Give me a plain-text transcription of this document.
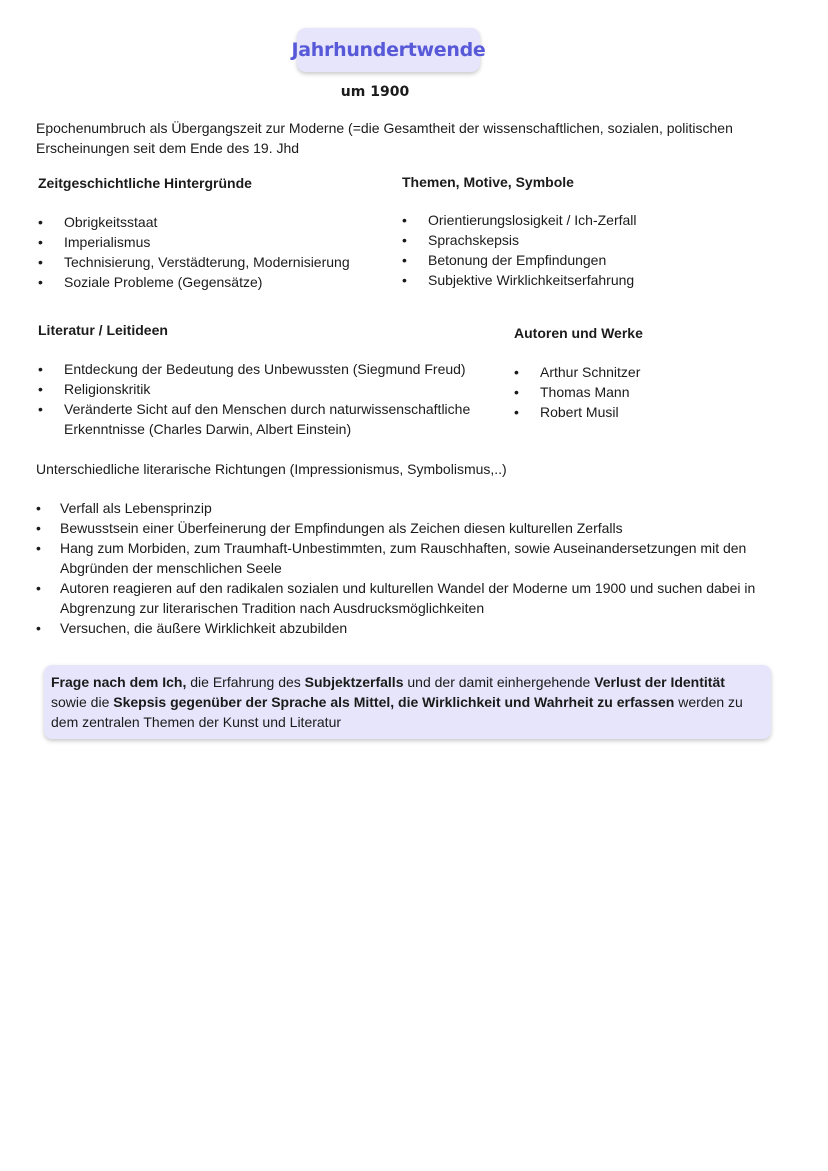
Jahrhundertwende
um 1900
Epochenumbruch als Übergangszeit zur Moderne (=die Gesamtheit der wissenschaftlichen, sozialen, politischen Erscheinungen seit dem Ende des 19. Jhd
Zeitgeschichtliche Hintergründe
• Obrigkeitsstaat
• Imperialismus
• Technisierung, Verstädterung, Modernisierung
• Soziale Probleme (Gegensätze)
Themen, Motive, Symbole
• Orientierungslosigkeit / Ich-Zerfall
• Sprachskepsis
• Betonung der Empfindungen
• Subjektive Wirklichkeitserfahrung
Literatur / Leitideen
• Entdeckung der Bedeutung des Unbewussten (Siegmund Freud)
• Religionskritik
• Veränderte Sicht auf den Menschen durch naturwissenschaftliche Erkenntnisse (Charles Darwin, Albert Einstein)
Autoren und Werke
• Arthur Schnitzer
• Thomas Mann
• Robert Musil
Unterschiedliche literarische Richtungen (Impressionismus, Symbolismus,..)
• Verfall als Lebensprinzip
• Bewusstsein einer Überfeinerung der Empfindungen als Zeichen diesen kulturellen Zerfalls
• Hang zum Morbiden, zum Traumhaft-Unbestimmten, zum Rauschhaften, sowie Auseinandersetzungen mit den Abgründen der menschlichen Seele
• Autoren reagieren auf den radikalen sozialen und kulturellen Wandel der Moderne um 1900 und suchen dabei in Abgrenzung zur literarischen Tradition nach Ausdrucksmöglichkeiten
• Versuchen, die äußere Wirklichkeit abzubilden
Frage nach dem Ich, die Erfahrung des Subjektzerfalls und der damit einhergehende Verlust der Identität sowie die Skepsis gegenüber der Sprache als Mittel, die Wirklichkeit und Wahrheit zu erfassen werden zu dem zentralen Themen der Kunst und Literatur
